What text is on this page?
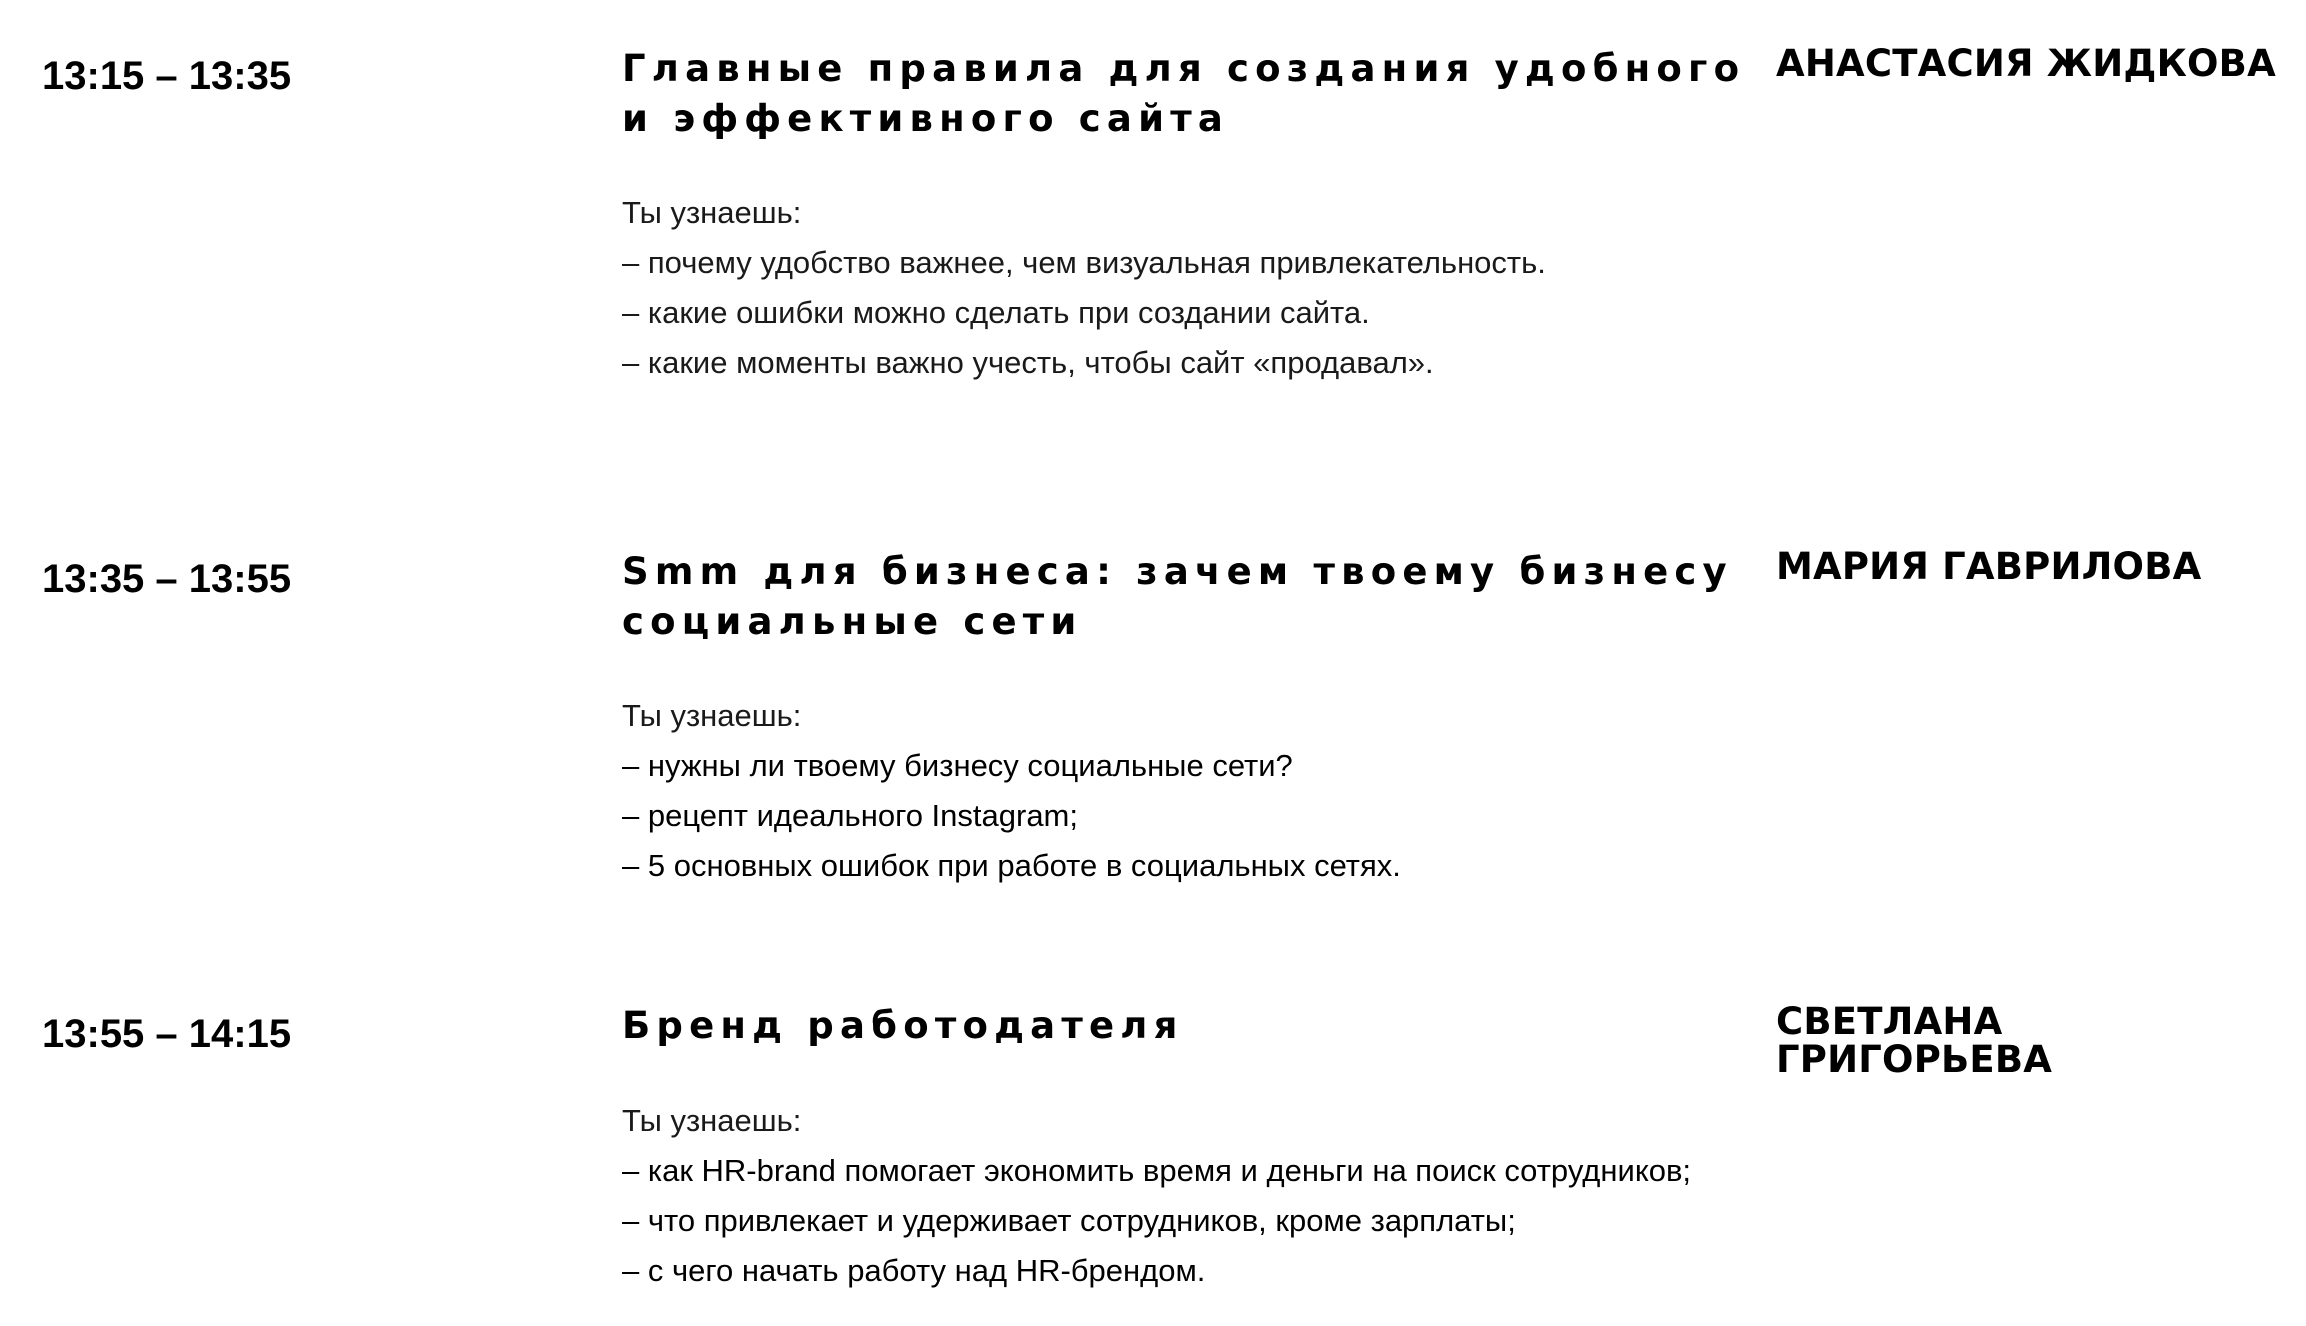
13:15 – 13:35	Главные правила для создания удобного и эффективного сайта
Ты узнаешь:
– почему удобство важнее, чем визуальная привлекательность.
– какие ошибки можно сделать при создании сайта.
– какие моменты важно учесть, чтобы сайт «продавал».
АНАСТАСИЯ ЖИДКОВА
13:35 – 13:55	Smm для бизнеса: зачем твоему бизнесу социальные сети
Ты узнаешь:
– нужны ли твоему бизнесу социальные сети?
– рецепт идеального Instagram;
– 5 основных ошибок при работе в социальных сетях.
МАРИЯ ГАВРИЛОВА
13:55 – 14:15	Бренд работодателя
Ты узнаешь:
– как HR-brand помогает экономить время и деньги на поиск сотрудников;
– что привлекает и удерживает сотрудников, кроме зарплаты;
– с чего начать работу над HR-брендом.
СВЕТЛАНА ГРИГОРЬЕВА
